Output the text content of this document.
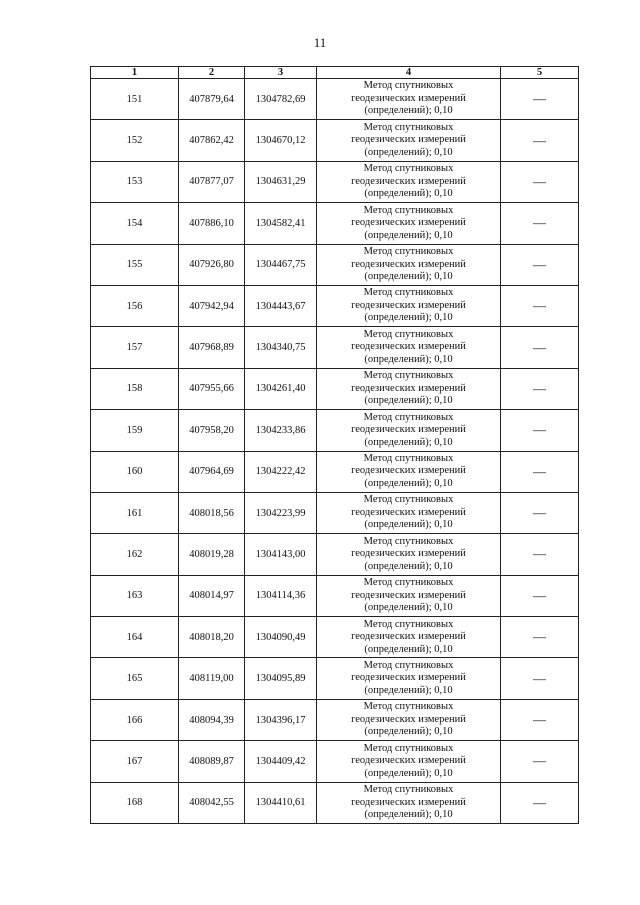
11
1	2	3	4	5
151	407879,64	1304782,69	Метод спутниковых
геодезических измерений
(определений); 0,10	—
152	407862,42	1304670,12	Метод спутниковых
геодезических измерений
(определений); 0,10	—
153	407877,07	1304631,29	Метод спутниковых
геодезических измерений
(определений); 0,10	—
154	407886,10	1304582,41	Метод спутниковых
геодезических измерений
(определений); 0,10	—
155	407926,80	1304467,75	Метод спутниковых
геодезических измерений
(определений); 0,10	—
156	407942,94	1304443,67	Метод спутниковых
геодезических измерений
(определений); 0,10	—
157	407968,89	1304340,75	Метод спутниковых
геодезических измерений
(определений); 0,10	—
158	407955,66	1304261,40	Метод спутниковых
геодезических измерений
(определений); 0,10	—
159	407958,20	1304233,86	Метод спутниковых
геодезических измерений
(определений); 0,10	—
160	407964,69	1304222,42	Метод спутниковых
геодезических измерений
(определений); 0,10	—
161	408018,56	1304223,99	Метод спутниковых
геодезических измерений
(определений); 0,10	—
162	408019,28	1304143,00	Метод спутниковых
геодезических измерений
(определений); 0,10	—
163	408014,97	1304114,36	Метод спутниковых
геодезических измерений
(определений); 0,10	—
164	408018,20	1304090,49	Метод спутниковых
геодезических измерений
(определений); 0,10	—
165	408119,00	1304095,89	Метод спутниковых
геодезических измерений
(определений); 0,10	—
166	408094,39	1304396,17	Метод спутниковых
геодезических измерений
(определений); 0,10	—
167	408089,87	1304409,42	Метод спутниковых
геодезических измерений
(определений); 0,10	—
168	408042,55	1304410,61	Метод спутниковых
геодезических измерений
(определений); 0,10	—
